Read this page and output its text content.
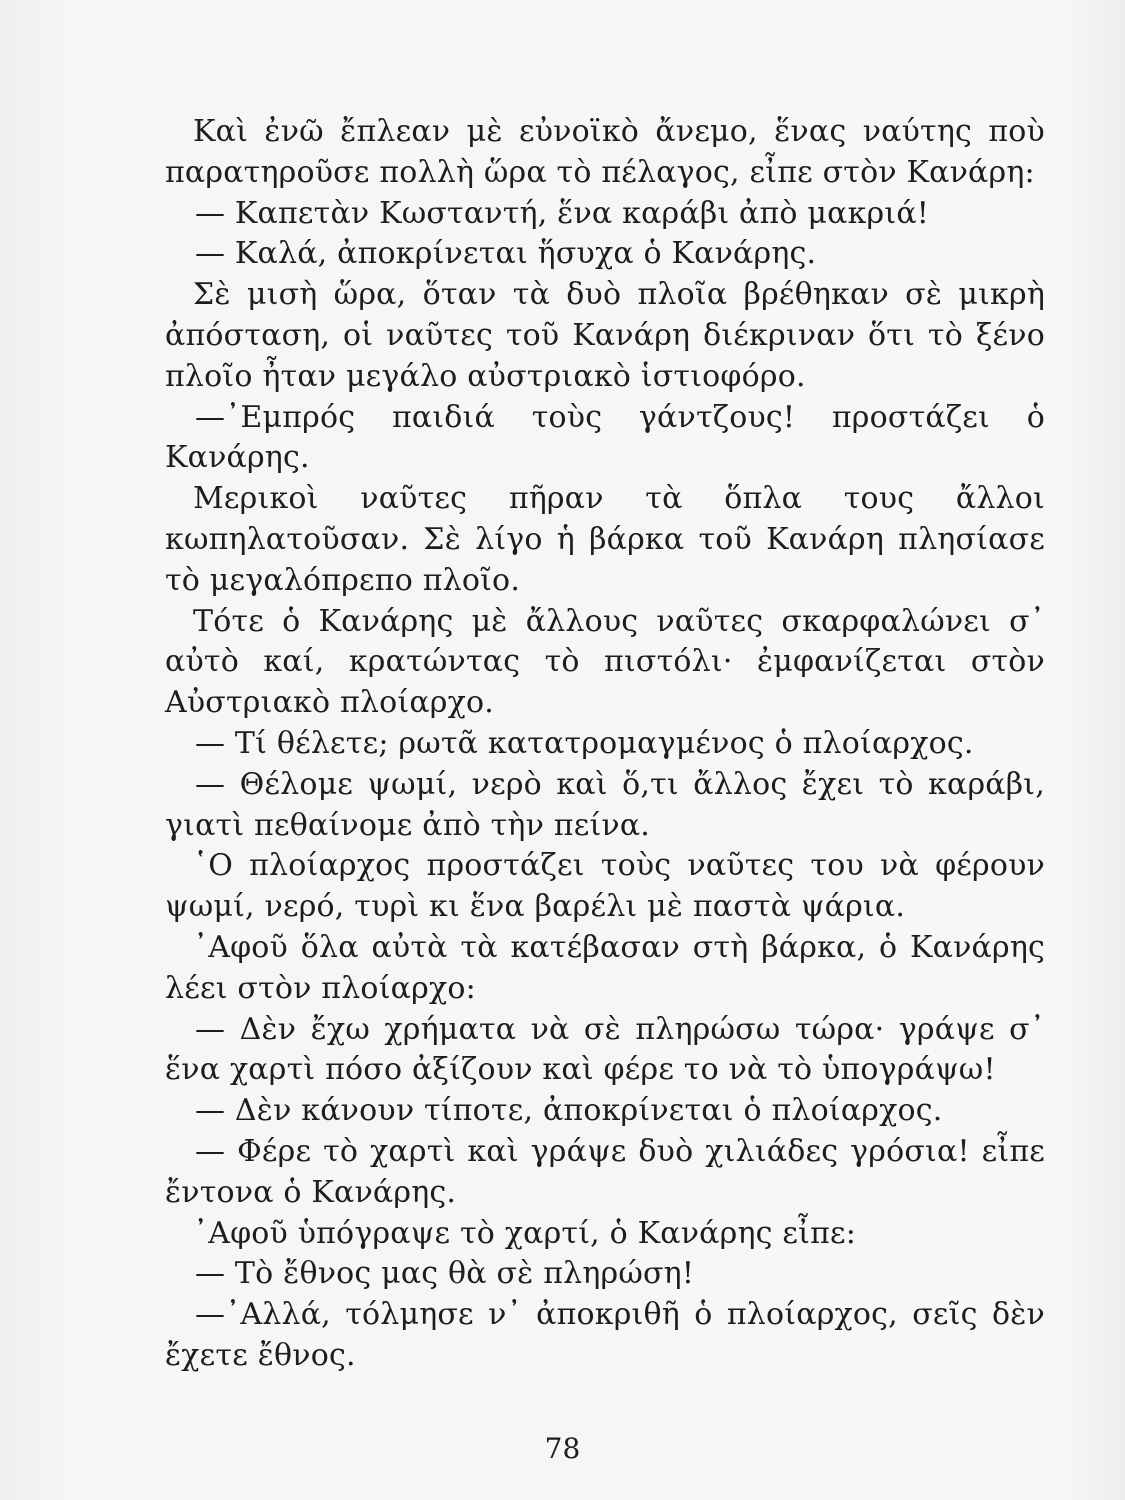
Καὶ ἐνῶ ἔπλεαν μὲ εὐνοϊκὸ ἄνεμο, ἕνας ναύτης ποὺ παρατηροῦσε πολλὴ ὥρα τὸ πέλαγος, εἶπε στὸν Κανάρη:

— Καπετὰν Κωσταντή, ἕνα καράβι ἀπὸ μακριά!

— Καλά, ἀποκρίνεται ἥσυχα ὁ Κανάρης.

Σὲ μισὴ ὥρα, ὅταν τὰ δυὸ πλοῖα βρέθηκαν σὲ μικρὴ ἀπόσταση, οἱ ναῦτες τοῦ Κανάρη διέκριναν ὅτι τὸ ξένο πλοῖο ἦταν μεγάλο αὐστριακὸ ἱστιοφόρο.

—᾽Εμπρός παιδιά τοὺς γάντζους! προστάζει ὁ Κανάρης.

Μερικοὶ ναῦτες πῆραν τὰ ὅπλα τους ἄλλοι κωπηλατοῦσαν. Σὲ λίγο ἡ βάρκα τοῦ Κανάρη πλησίασε τὸ μεγαλόπρεπο πλοῖο.

Τότε ὁ Κανάρης μὲ ἄλλους ναῦτες σκαρφαλώνει σ᾽ αὐτὸ καί, κρατώντας τὸ πιστόλι· ἐμφανίζεται στὸν Αὐστριακὸ πλοίαρχο.

— Τί θέλετε; ρωτᾶ κατατρομαγμένος ὁ πλοίαρχος.

— Θέλομε ψωμί, νερὸ καὶ ὅ,τι ἄλλος ἔχει τὸ καράβι, γιατὶ πεθαίνομε ἀπὸ τὴν πείνα.

῾Ο πλοίαρχος προστάζει τοὺς ναῦτες του νὰ φέρουν ψωμί, νερό, τυρὶ κι ἕνα βαρέλι μὲ παστὰ ψάρια.

᾽Αφοῦ ὅλα αὐτὰ τὰ κατέβασαν στὴ βάρκα, ὁ Κανάρης λέει στὸν πλοίαρχο:

— Δὲν ἔχω χρήματα νὰ σὲ πληρώσω τώρα· γράψε σ᾽ ἕνα χαρτὶ πόσο ἀξίζουν καὶ φέρε το νὰ τὸ ὑπογράψω!

— Δὲν κάνουν τίποτε, ἀποκρίνεται ὁ πλοίαρχος.

— Φέρε τὸ χαρτὶ καὶ γράψε δυὸ χιλιάδες γρόσια! εἶπε ἔντονα ὁ Κανάρης.

᾽Αφοῦ ὑπόγραψε τὸ χαρτί, ὁ Κανάρης εἶπε:

— Τὸ ἔθνος μας θὰ σὲ πληρώση!

—᾽Αλλά, τόλμησε ν᾽ ἀποκριθῆ ὁ πλοίαρχος, σεῖς δὲν ἔχετε ἔθνος.

78
